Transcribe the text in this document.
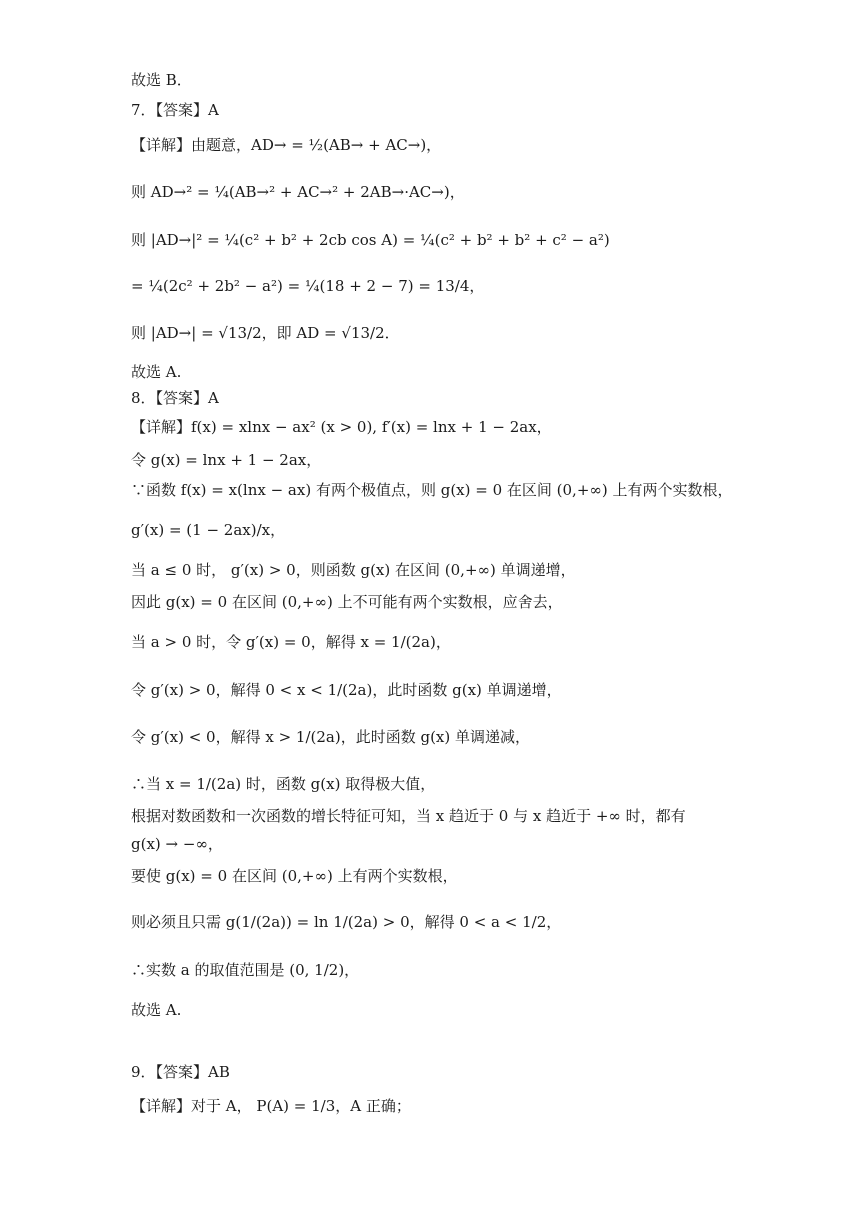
故选 B．
7．【答案】A
【详解】由题意，AD→ = ½(AB→ + AC→)，
则 AD→² = ¼(AB→² + AC→² + 2AB→·AC→)，
则 |AD→|² = ¼(c² + b² + 2cb cos A) = ¼(c² + b² + b² + c² − a²)
= ¼(2c² + 2b² − a²) = ¼(18 + 2 − 7) = 13/4，
则 |AD→| = √13/2，即 AD = √13/2．
故选 A.
8．【答案】A
【详解】f(x) = xlnx − ax² (x > 0), f′(x) = lnx + 1 − 2ax，
令 g(x) = lnx + 1 − 2ax，
∵函数 f(x) = x(lnx − ax) 有两个极值点，则 g(x) = 0 在区间 (0,+∞) 上有两个实数根，
g′(x) = (1 − 2ax)/x，
当 a ≤ 0 时， g′(x) > 0，则函数 g(x) 在区间 (0,+∞) 单调递增，
因此 g(x) = 0 在区间 (0,+∞) 上不可能有两个实数根，应舍去，
当 a > 0 时，令 g′(x) = 0，解得 x = 1/(2a)，
令 g′(x) > 0，解得 0 < x < 1/(2a)，此时函数 g(x) 单调递增，
令 g′(x) < 0，解得 x > 1/(2a)，此时函数 g(x) 单调递减，
∴当 x = 1/(2a) 时，函数 g(x) 取得极大值，
根据对数函数和一次函数的增长特征可知，当 x 趋近于 0 与 x 趋近于 +∞ 时，都有
g(x) → −∞，
要使 g(x) = 0 在区间 (0,+∞) 上有两个实数根，
则必须且只需 g(1/(2a)) = ln 1/(2a) > 0，解得 0 < a < 1/2，
∴实数 a 的取值范围是 (0, 1/2)，
故选 A.
9．【答案】AB
【详解】对于 A， P(A) = 1/3，A 正确；
